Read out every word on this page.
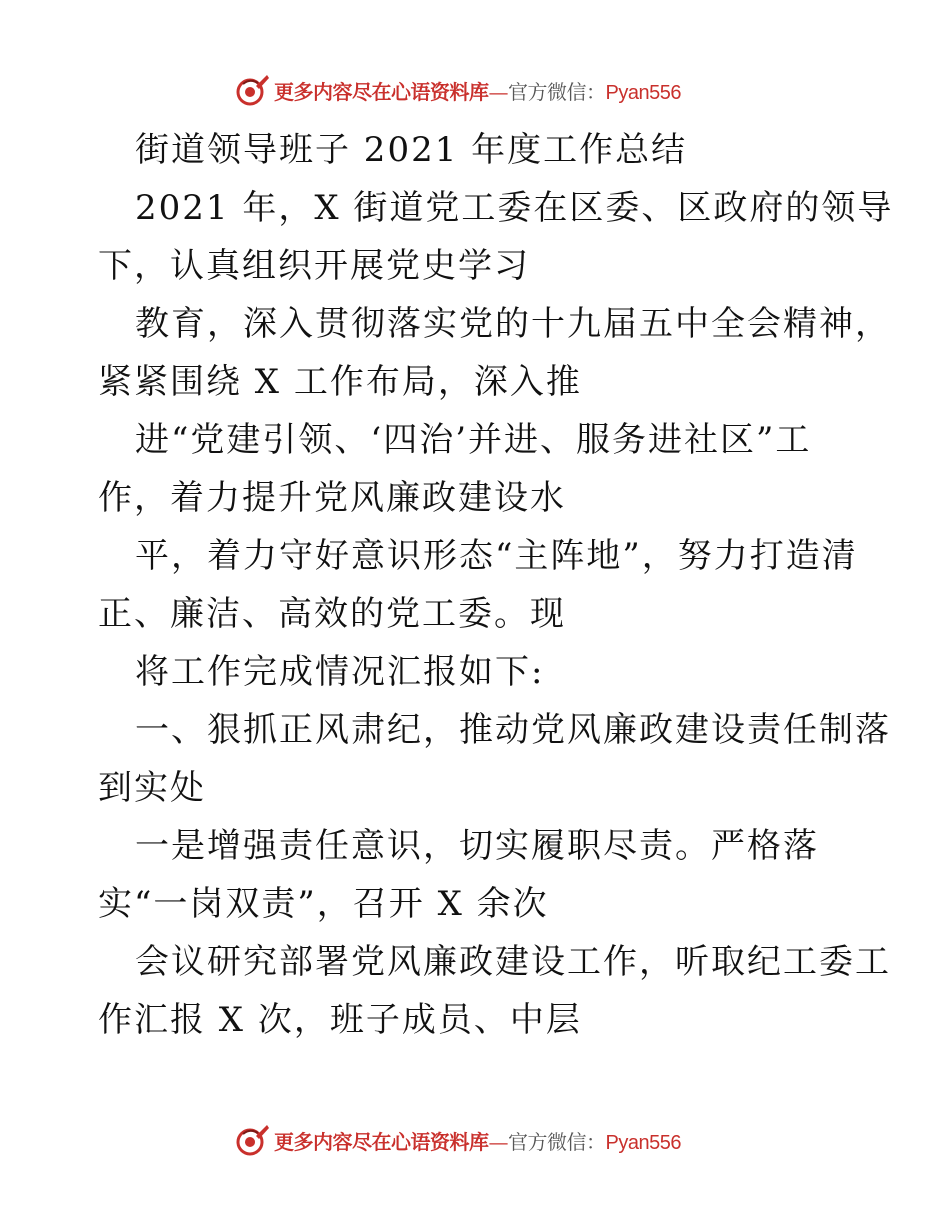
更多内容尽在心语资料库—官方微信：Pyan556
街道领导班子 2021 年度工作总结
2021 年，X 街道党工委在区委、区政府的领导
下，认真组织开展党史学习
教育，深入贯彻落实党的十九届五中全会精神，
紧紧围绕 X 工作布局，深入推
进“党建引领、‘四治’并进、服务进社区”工
作，着力提升党风廉政建设水
平，着力守好意识形态“主阵地”，努力打造清
正、廉洁、高效的党工委。现
将工作完成情况汇报如下:
一、狠抓正风肃纪，推动党风廉政建设责任制落
到实处
一是增强责任意识，切实履职尽责。严格落
实“一岗双责”，召开 X 余次
会议研究部署党风廉政建设工作，听取纪工委工
作汇报 X 次，班子成员、中层
更多内容尽在心语资料库—官方微信：Pyan556
